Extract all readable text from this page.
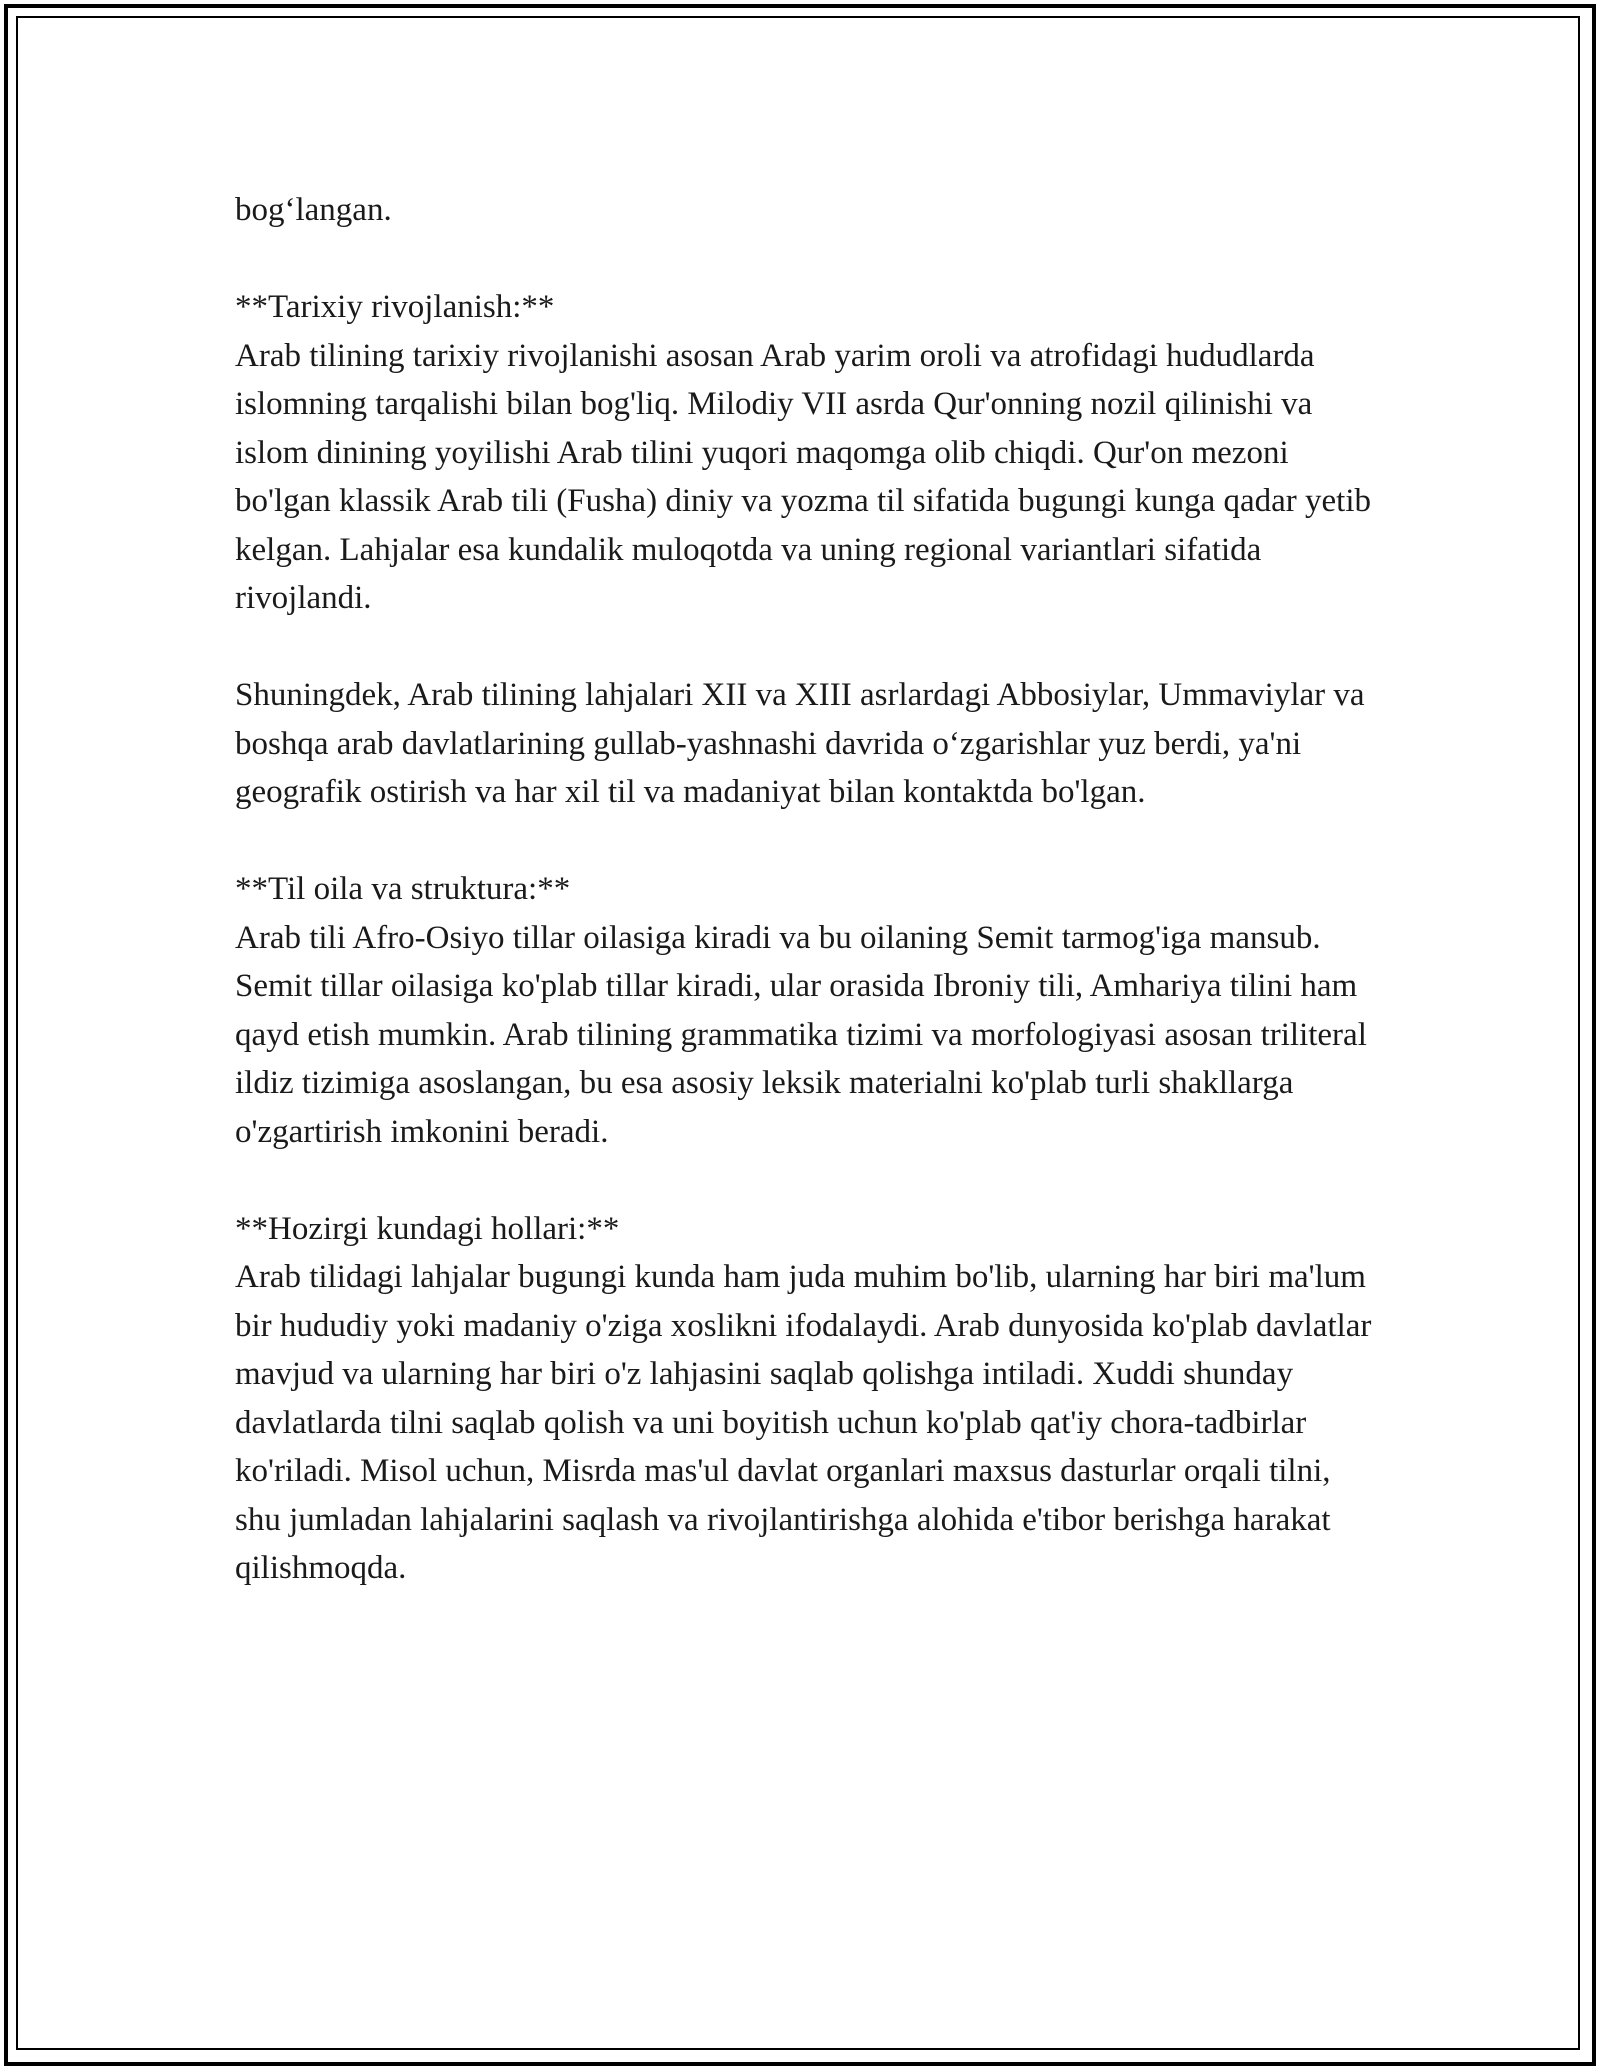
bog‘langan.

**Tarixiy rivojlanish:**
Arab tilining tarixiy rivojlanishi asosan Arab yarim oroli va atrofidagi hududlarda islomning tarqalishi bilan bog'liq. Milodiy VII asrda Qur'onning nozil qilinishi va islom dinining yoyilishi Arab tilini yuqori maqomga olib chiqdi. Qur'on mezoni bo'lgan klassik Arab tili (Fusha) diniy va yozma til sifatida bugungi kunga qadar yetib kelgan. Lahjalar esa kundalik muloqotda va uning regional variantlari sifatida rivojlandi.

Shuningdek, Arab tilining lahjalari XII va XIII asrlardagi Abbosiylar, Ummaviylar va boshqa arab davlatlarining gullab-yashnashi davrida o‘zgarishlar yuz berdi, ya'ni geografik ostirish va har xil til va madaniyat bilan kontaktda bo'lgan.

**Til oila va struktura:**
Arab tili Afro-Osiyo tillar oilasiga kiradi va bu oilaning Semit tarmog'iga mansub. Semit tillar oilasiga ko'plab tillar kiradi, ular orasida Ibroniy tili, Amhariya tilini ham qayd etish mumkin. Arab tilining grammatika tizimi va morfologiyasi asosan triliteral ildiz tizimiga asoslangan, bu esa asosiy leksik materialni ko'plab turli shakllarga o'zgartirish imkonini beradi.

**Hozirgi kundagi hollari:**
Arab tilidagi lahjalar bugungi kunda ham juda muhim bo'lib, ularning har biri ma'lum bir hududiy yoki madaniy o'ziga xoslikni ifodalaydi. Arab dunyosida ko'plab davlatlar mavjud va ularning har biri o'z lahjasini saqlab qolishga intiladi. Xuddi shunday davlatlarda tilni saqlab qolish va uni boyitish uchun ko'plab qat'iy chora-tadbirlar ko'riladi. Misol uchun, Misrda mas'ul davlat organlari maxsus dasturlar orqali tilni, shu jumladan lahjalarini saqlash va rivojlantirishga alohida e'tibor berishga harakat qilishmoqda.
